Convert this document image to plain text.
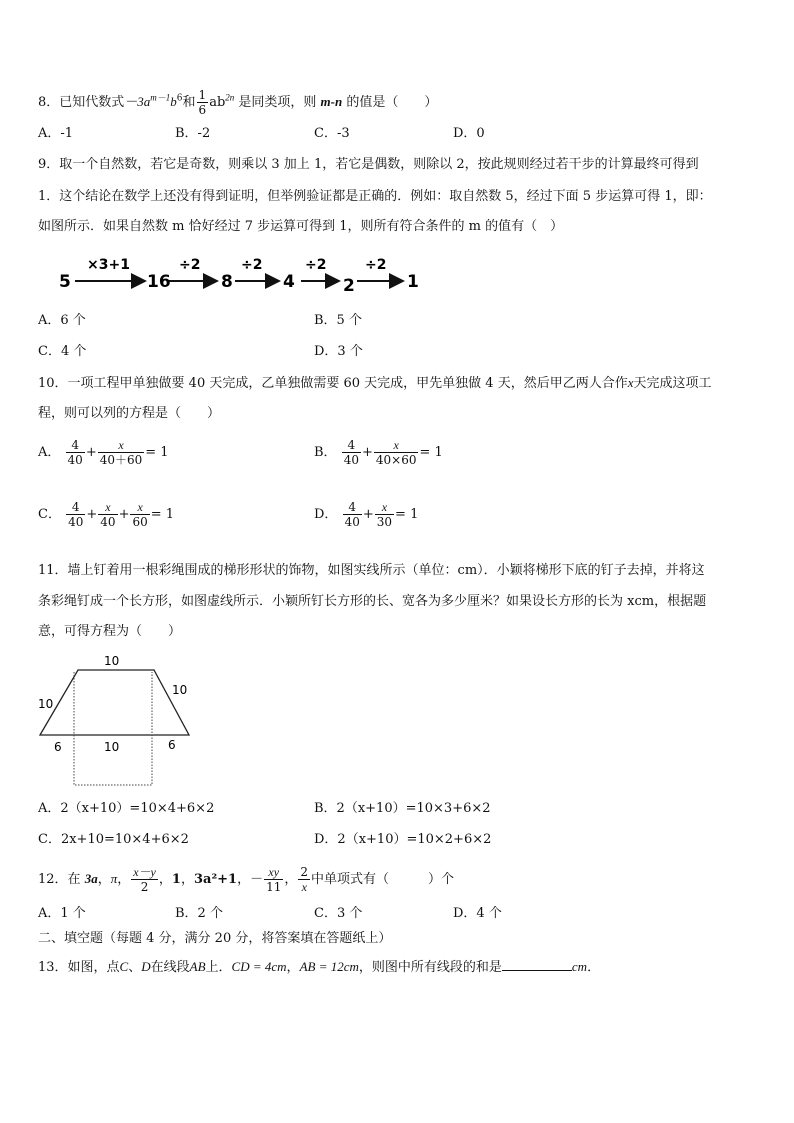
8．已知代数式$-3a^{m-1}b^6$和 $\frac{1}{6} ab^{2n}$ 是同类项，则 m-n 的值是（　　）
A．-1	B．-2	C．-3	D．0
9．取一个自然数，若它是奇数，则乘以 3 加上 1，若它是偶数，则除以 2，按此规则经过若干步的计算最终可得到
1．这个结论在数学上还没有得到证明，但举例验证都是正确的．例如：取自然数 5，经过下面 5 步运算可得 1，即：
如图所示．如果自然数 m 恰好经过 7 步运算可得到 1，则所有符合条件的 m 的值有（　）
5
×3+1
16
÷2
8
÷2
4
÷2
2
÷2
1
A．6 个	B．5 个
C．4 个	D．3 个
10．一项工程甲单独做要 40 天完成，乙单独做需要 60 天完成，甲先单独做 4 天，然后甲乙两人合作x天完成这项工
程，则可以列的方程是（　　）
A． $\frac{4}{40} + \frac{x}{40+60} = 1$	B． $\frac{4}{40} + \frac{x}{40\times 60} = 1$
C． $\frac{4}{40} + \frac{x}{40} + \frac{x}{60} = 1$	D． $\frac{4}{40} + \frac{x}{30} = 1$
11．墙上钉着用一根彩绳围成的梯形形状的饰物，如图实线所示（单位：cm）．小颖将梯形下底的钉子去掉，并将这
条彩绳钉成一个长方形，如图虚线所示．小颖所钉长方形的长、宽各为多少厘米？如果设长方形的长为 xcm，根据题
意，可得方程为（　　）
10
10
10
6	10	6
A．2（x+10）=10×4+6×2	B．2（x+10）=10×3+6×2
C．2x+10=10×4+6×2	D．2（x+10）=10×2+6×2
12．在 3a，π， $\frac{x-y}{2}$ ，1，3a²+1，－ $\frac{xy}{11}$ ， $\frac{2}{x}$ 中单项式有（　　　）个
A．1 个	B．2 个	C．3 个	D．4 个
二、填空题（每题 4 分，满分 20 分，将答案填在答题纸上）
13．如图，点C、D在线段AB上．CD = 4cm，AB = 12cm，则图中所有线段的和是	cm．
